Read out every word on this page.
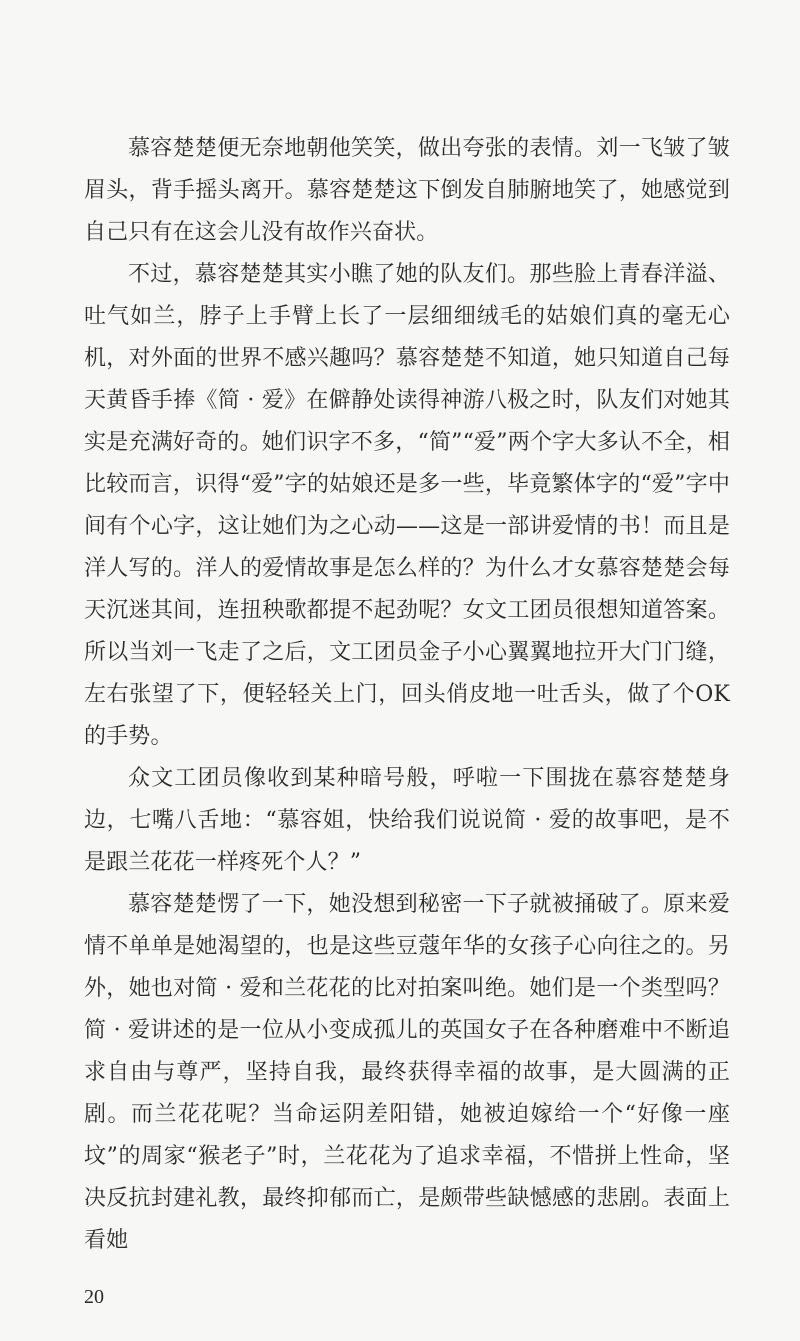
慕容楚楚便无奈地朝他笑笑，做出夸张的表情。刘一飞皱了皱眉头，背手摇头离开。慕容楚楚这下倒发自肺腑地笑了，她感觉到自己只有在这会儿没有故作兴奋状。

不过，慕容楚楚其实小瞧了她的队友们。那些脸上青春洋溢、吐气如兰，脖子上手臂上长了一层细细绒毛的姑娘们真的毫无心机，对外面的世界不感兴趣吗？慕容楚楚不知道，她只知道自己每天黄昏手捧《简 · 爱》在僻静处读得神游八极之时，队友们对她其实是充满好奇的。她们识字不多，“简”“爱”两个字大多认不全，相比较而言，识得“爱”字的姑娘还是多一些，毕竟繁体字的“爱”字中间有个心字，这让她们为之心动——这是一部讲爱情的书！而且是洋人写的。洋人的爱情故事是怎么样的？为什么才女慕容楚楚会每天沉迷其间，连扭秧歌都提不起劲呢？女文工团员很想知道答案。所以当刘一飞走了之后，文工团员金子小心翼翼地拉开大门门缝，左右张望了下，便轻轻关上门，回头俏皮地一吐舌头，做了个OK 的手势。

众文工团员像收到某种暗号般，呼啦一下围拢在慕容楚楚身边，七嘴八舌地：“慕容姐，快给我们说说简 · 爱的故事吧，是不是跟兰花花一样疼死个人？”

慕容楚楚愣了一下，她没想到秘密一下子就被捅破了。原来爱情不单单是她渴望的，也是这些豆蔻年华的女孩子心向往之的。另外，她也对简 · 爱和兰花花的比对拍案叫绝。她们是一个类型吗？简 · 爱讲述的是一位从小变成孤儿的英国女子在各种磨难中不断追求自由与尊严，坚持自我，最终获得幸福的故事，是大圆满的正剧。而兰花花呢？当命运阴差阳错，她被迫嫁给一个“好像一座坟”的周家“猴老子”时，兰花花为了追求幸福，不惜拼上性命，坚决反抗封建礼教，最终抑郁而亡，是颇带些缺憾感的悲剧。表面上看她

20
